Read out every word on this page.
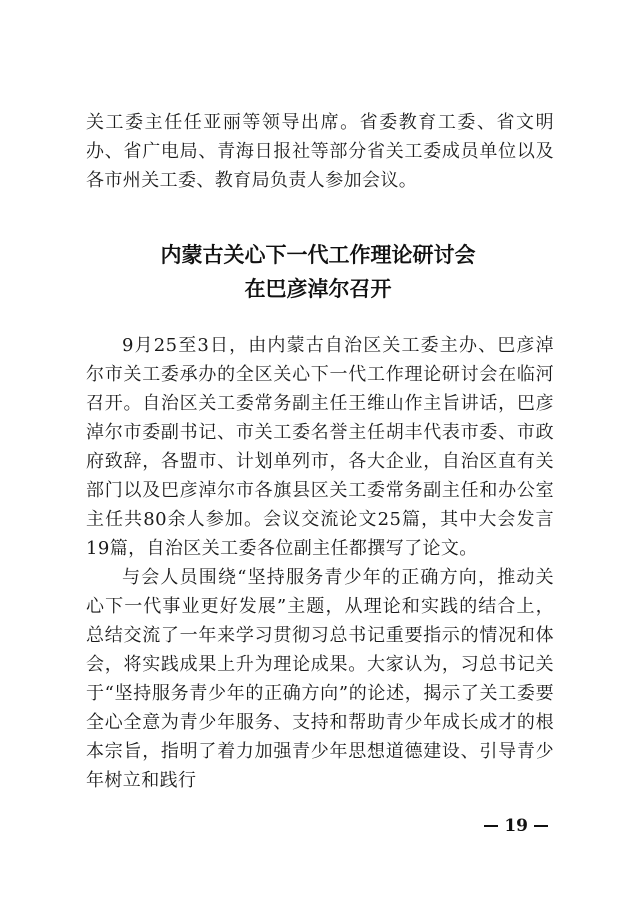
关工委主任任亚丽等领导出席。省委教育工委、省文明办、省广电局、青海日报社等部分省关工委成员单位以及各市州关工委、教育局负责人参加会议。

内蒙古关心下一代工作理论研讨会
在巴彦淖尔召开

9月25至3日，由内蒙古自治区关工委主办、巴彦淖尔市关工委承办的全区关心下一代工作理论研讨会在临河召开。自治区关工委常务副主任王维山作主旨讲话，巴彦淖尔市委副书记、市关工委名誉主任胡丰代表市委、市政府致辞，各盟市、计划单列市，各大企业，自治区直有关部门以及巴彦淖尔市各旗县区关工委常务副主任和办公室主任共80余人参加。会议交流论文25篇，其中大会发言19篇，自治区关工委各位副主任都撰写了论文。

与会人员围绕“坚持服务青少年的正确方向，推动关心下一代事业更好发展”主题，从理论和实践的结合上，总结交流了一年来学习贯彻习总书记重要指示的情况和体会，将实践成果上升为理论成果。大家认为，习总书记关于“坚持服务青少年的正确方向”的论述，揭示了关工委要全心全意为青少年服务、支持和帮助青少年成长成才的根本宗旨，指明了着力加强青少年思想道德建设、引导青少年树立和践行

19
